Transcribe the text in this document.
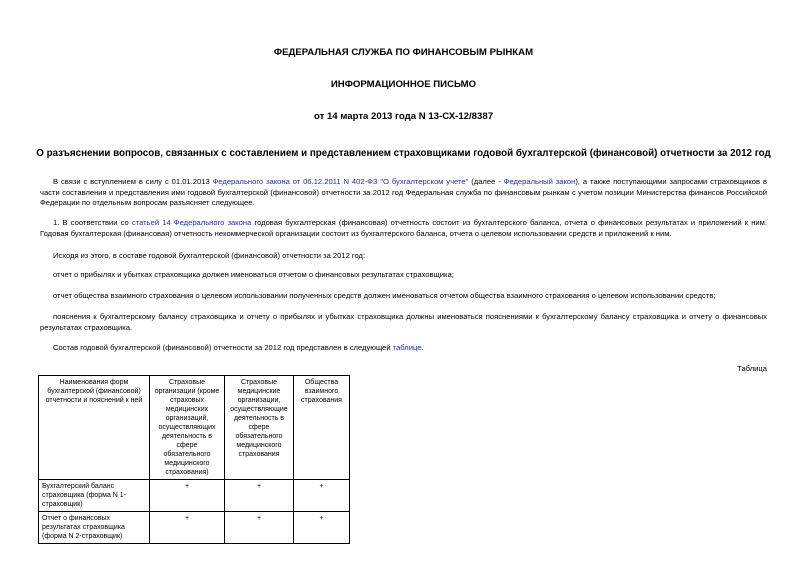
ФЕДЕРАЛЬНАЯ СЛУЖБА ПО ФИНАНСОВЫМ РЫНКАМ
ИНФОРМАЦИОННОЕ ПИСЬМО
от 14 марта 2013 года N 13-СХ-12/8387
О разъяснении вопросов, связанных с составлением и представлением страховщиками годовой бухгалтерской (финансовой) отчетности за 2012 год

В связи с вступлением в силу с 01.01.2013 Федерального закона от 06.12.2011 N 402-ФЗ "О бухгалтерском учете" (далее - Федеральный закон), а также поступающими запросами страховщиков в части составления и представления ими годовой бухгалтерской (финансовой) отчетности за 2012 год Федеральная служба по финансовым рынкам с учетом позиции Министерства финансов Российской Федерации по отдельным вопросам разъясняет следующее.

1. В соответствии со статьей 14 Федерального закона годовая бухгалтерская (финансовая) отчетность состоит из бухгалтерского баланса, отчета о финансовых результатах и приложений к ним. Годовая бухгалтерская (финансовая) отчетность некоммерческой организации состоит из бухгалтерского баланса, отчета о целевом использовании средств и приложений к ним.

Исходя из этого, в составе годовой бухгалтерской (финансовой) отчетности за 2012 год:

отчет о прибылях и убытках страховщика должен именоваться отчетом о финансовых результатах страховщика;

отчет общества взаимного страхования о целевом использовании полученных средств должен именоваться отчетом общества взаимного страхования о целевом использовании средств;

пояснения к бухгалтерскому балансу страховщика и отчету о прибылях и убытках страховщика должны именоваться пояснениями к бухгалтерскому балансу страховщика и отчету о финансовых результатах страховщика.

Состав годовой бухгалтерской (финансовой) отчетности за 2012 год представлен в следующей таблице.

Таблица
Наименования форм бухгалтерской (финансовой) отчетности и пояснений к ней	Страховые организации (кроме страховых медицинских организаций, осуществляющих деятельность в сфере обязательного медицинского страхования)	Страховые медицинские организации, осуществляющие деятельность в сфере обязательного медицинского страхования	Общества взаимного страхования
Бухгалтерский баланс страховщика (форма N 1-страховщик)	+	+	+
Отчет о финансовых результатах страховщика (форма N 2-страховщик)	+	+	+
